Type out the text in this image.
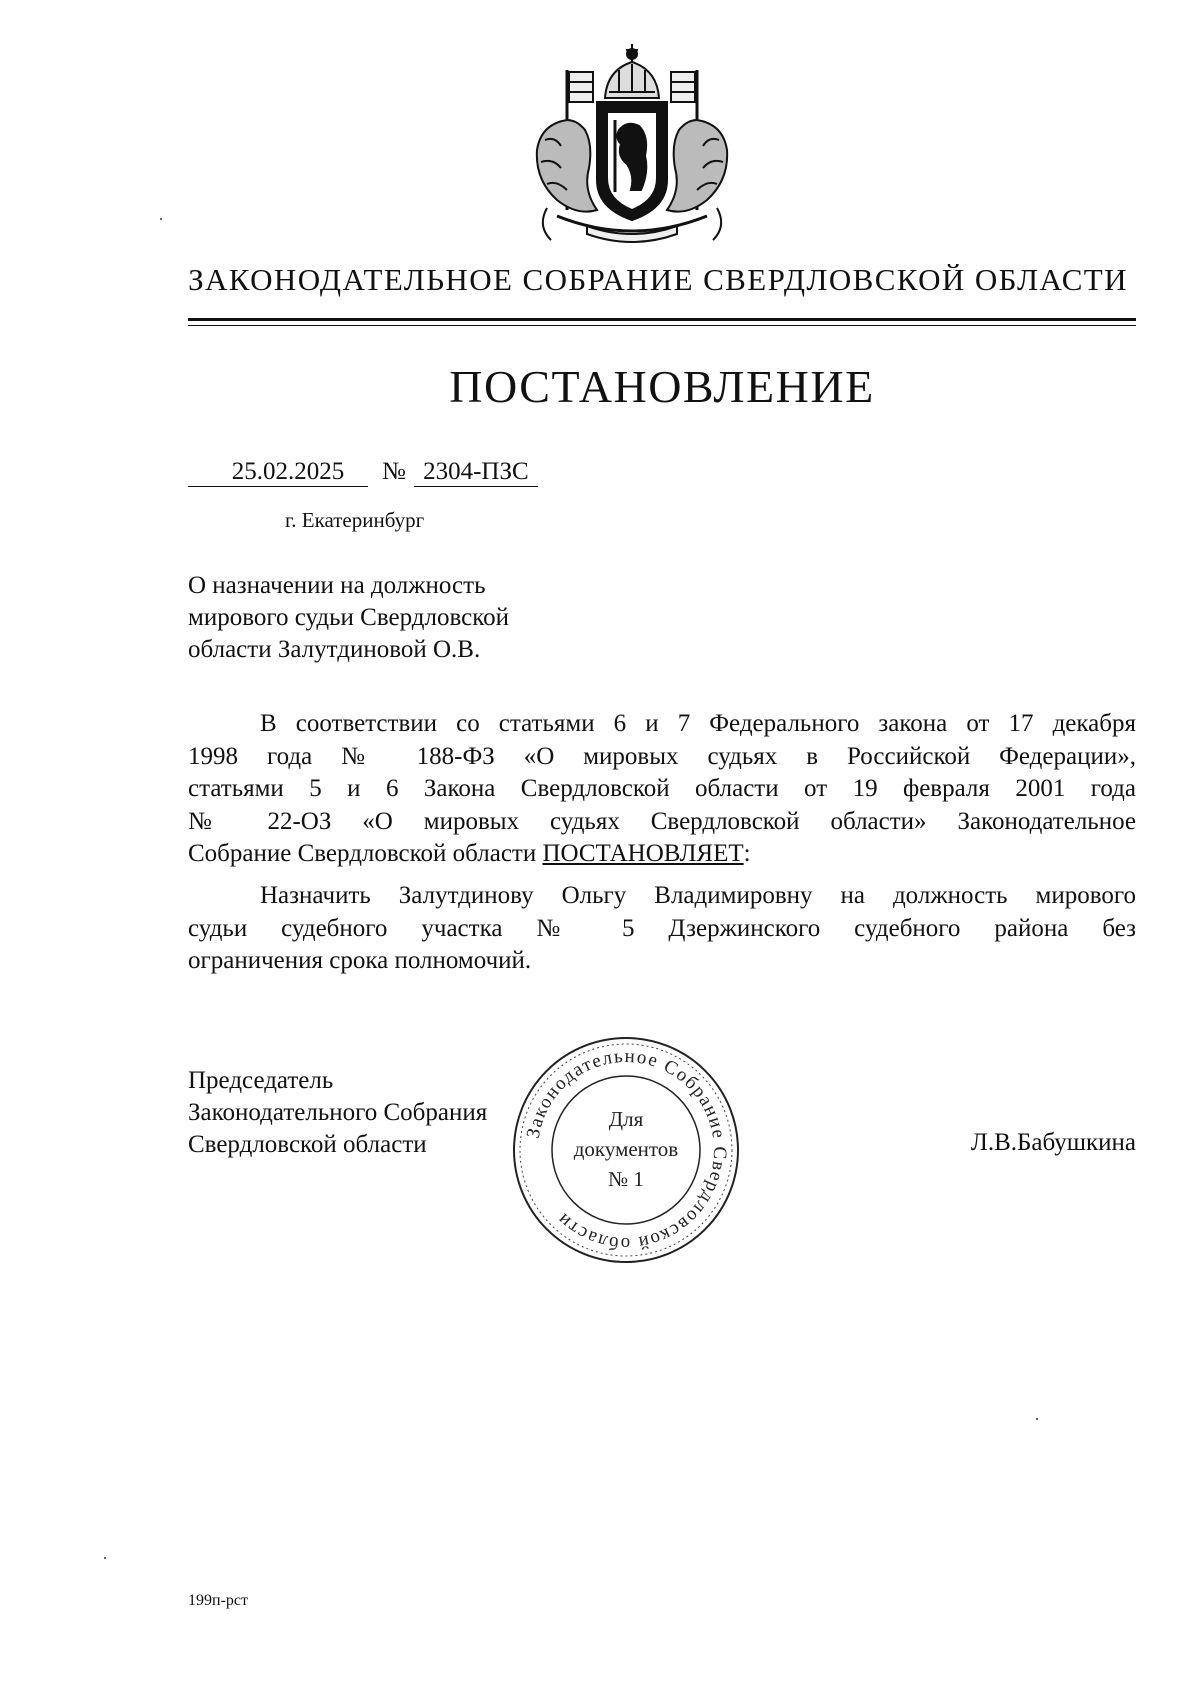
ЗАКОНОДАТЕЛЬНОЕ СОБРАНИЕ СВЕРДЛОВСКОЙ ОБЛАСТИ
ПОСТАНОВЛЕНИЕ
25.02.2025 № 2304-ПЗС
г. Екатеринбург
О назначении на должность
мирового судьи Свердловской
области Залутдиновой О.В.
В соответствии со статьями 6 и 7 Федерального закона от 17 декабря
1998 года № 188-ФЗ «О мировых судьях в Российской Федерации»,
статьями 5 и 6 Закона Свердловской области от 19 февраля 2001 года
№ 22-ОЗ «О мировых судьях Свердловской области» Законодательное
Собрание Свердловской области ПОСТАНОВЛЯЕТ:
Назначить Залутдинову Ольгу Владимировну на должность мирового
судьи судебного участка № 5 Дзержинского судебного района без
ограничения срока полномочий.
Председатель
Законодательного Собрания
Свердловской области	Законодательное Собрание Свердловской области
Для
документов
№ 1
Л.В.Бабушкина
199п-рст
